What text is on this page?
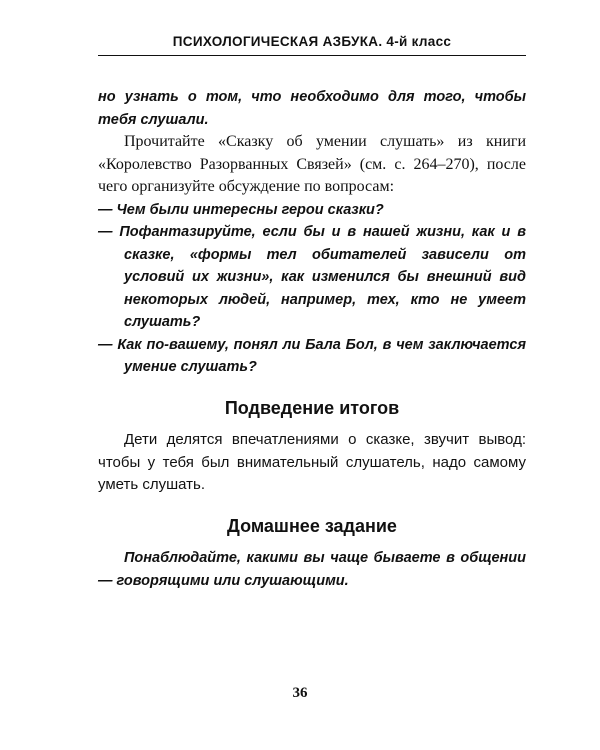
ПСИХОЛОГИЧЕСКАЯ АЗБУКА. 4-й класс

но узнать о том, что необходимо для того, чтобы тебя слушали.

Прочитайте «Сказку об умении слушать» из книги «Королевство Разорванных Связей» (см. с. 264–270), после чего организуйте обсуждение по вопросам:

— Чем были интересны герои сказки?

— Пофантазируйте, если бы и в нашей жизни, как и в сказке, «формы тел обитателей зависели от условий их жизни», как изменился бы внешний вид некоторых людей, например, тех, кто не умеет слушать?

— Как по-вашему, понял ли Бала Бол, в чем заключается умение слушать?

Подведение итогов

Дети делятся впечатлениями о сказке, звучит вывод: чтобы у тебя был внимательный слушатель, надо самому уметь слушать.

Домашнее задание

Понаблюдайте, какими вы чаще бываете в общении — говорящими или слушающими.

36
